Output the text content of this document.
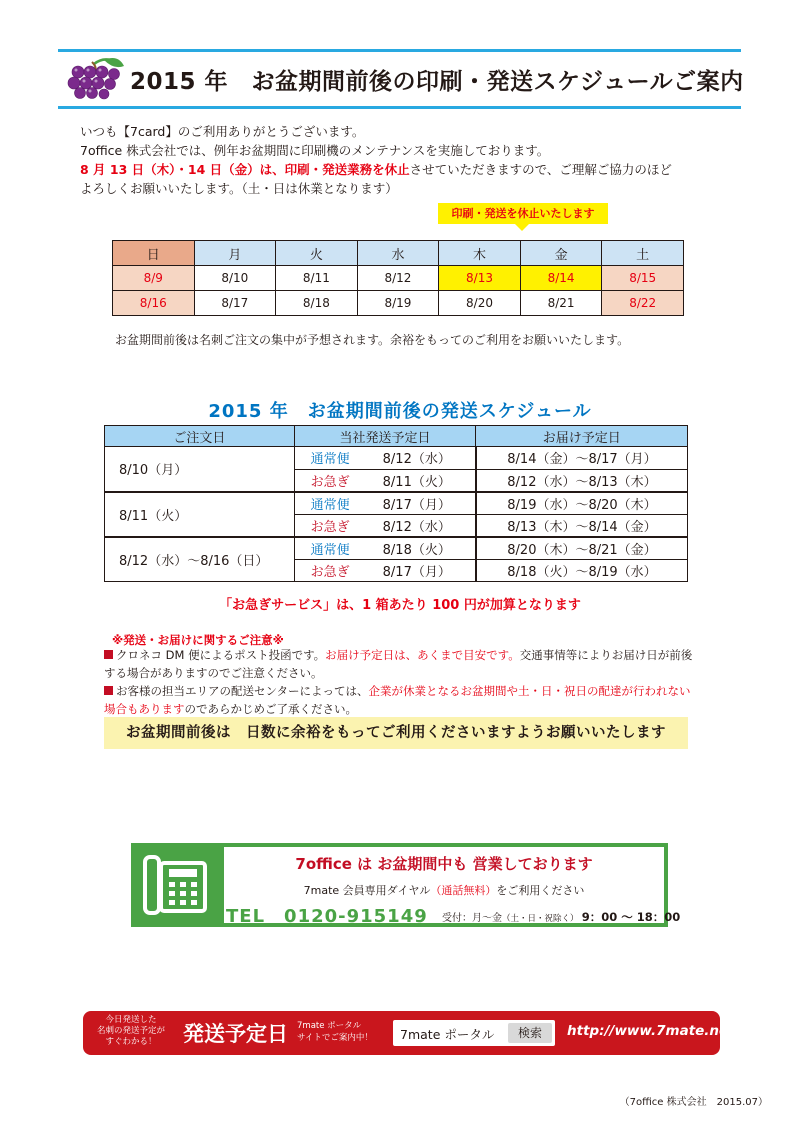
2015 年　お盆期間前後の印刷・発送スケジュールご案内
いつも【7card】のご利用ありがとうございます。
7office 株式会社では、例年お盆期間に印刷機のメンテナンスを実施しております。
8 月 13 日（木）・14 日（金）は、印刷・発送業務を休止させていただきますので、ご理解ご協力のほど
よろしくお願いいたします。（土・日は休業となります）
印刷・発送を休止いたします
日	月	火	水	木	金	土
8/9	8/10	8/11	8/12	8/13	8/14	8/15
8/16	8/17	8/18	8/19	8/20	8/21	8/22
お盆期間前後は名刺ご注文の集中が予想されます。余裕をもってのご利用をお願いいたします。
2015 年　お盆期間前後の発送スケジュール
ご注文日	当社発送予定日	お届け予定日
8/10（月）	通常便 8/12（水）	8/14（金）～8/17（月）
	お急ぎ 8/11（火）	8/12（水）～8/13（木）
8/11（火）	通常便 8/17（月）	8/19（水）～8/20（木）
	お急ぎ 8/12（水）	8/13（木）～8/14（金）
8/12（水）～8/16（日）	通常便 8/18（火）	8/20（木）～8/21（金）
	お急ぎ 8/17（月）	8/18（火）～8/19（水）
「お急ぎサービス」は、1 箱あたり 100 円が加算となります
※発送・お届けに関するご注意※
クロネコ DM 便によるポスト投函です。お届け予定日は、あくまで目安です。交通事情等によりお届け日が前後
する場合がありますのでご注意ください。
お客様の担当エリアの配送センターによっては、企業が休業となるお盆期間や土・日・祝日の配達が行われない
場合もありますのであらかじめご了承ください。
お盆期間前後は　日数に余裕をもってご利用くださいますようお願いいたします
7office は お盆期間中も 営業しております
7mate 会員専用ダイヤル（通話無料）をご利用ください
TEL　0120-915149 受付：月～金（土・日・祝除く） 9：00 ～ 18：00
今日発送した
名刺の発送予定が
すぐわかる！	発送予定日 7mate ポータル
サイトでご案内中！	7mate ポータル	検索	http://www.7mate.net/
（7office 株式会社　2015.07）
